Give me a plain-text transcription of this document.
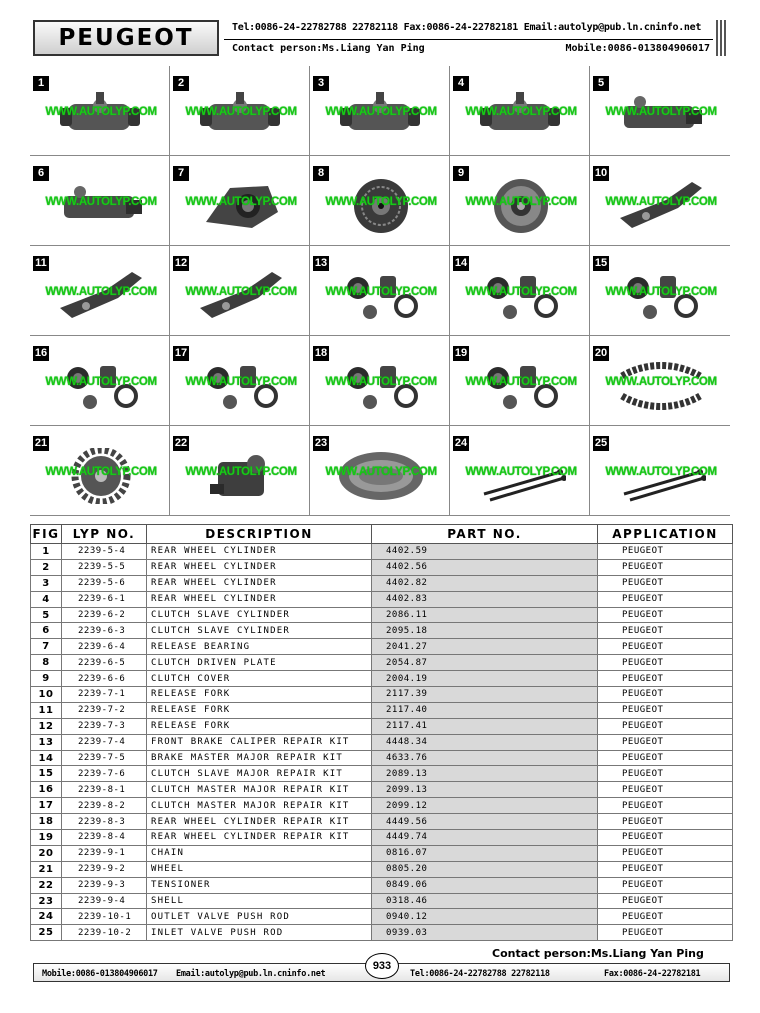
PEUGEOT	Tel:0086-24-22782788 22782118 Fax:0086-24-22782181 Email:autolyp@pub.ln.cninfo.net
Contact person:Ms.Liang Yan Ping	Mobile:0086-013804906017
1
WWW.AUTOLYP.COM
2
WWW.AUTOLYP.COM
3
WWW.AUTOLYP.COM
4
WWW.AUTOLYP.COM
5
WWW.AUTOLYP.COM
6
WWW.AUTOLYP.COM
7
WWW.AUTOLYP.COM
8
WWW.AUTOLYP.COM
9
WWW.AUTOLYP.COM
10
WWW.AUTOLYP.COM
11
WWW.AUTOLYP.COM
12
WWW.AUTOLYP.COM
13
WWW.AUTOLYP.COM
14
WWW.AUTOLYP.COM
15
WWW.AUTOLYP.COM
16
WWW.AUTOLYP.COM
17
WWW.AUTOLYP.COM
18
WWW.AUTOLYP.COM
19
WWW.AUTOLYP.COM
20
WWW.AUTOLYP.COM
21
WWW.AUTOLYP.COM
22
WWW.AUTOLYP.COM
23
WWW.AUTOLYP.COM
24
WWW.AUTOLYP.COM
25
WWW.AUTOLYP.COM
FIG	LYP NO.	DESCRIPTION	PART NO.	APPLICATION
1	2239-5-4	REAR WHEEL CYLINDER	4402.59	PEUGEOT
2	2239-5-5	REAR WHEEL CYLINDER	4402.56	PEUGEOT
3	2239-5-6	REAR WHEEL CYLINDER	4402.82	PEUGEOT
4	2239-6-1	REAR WHEEL CYLINDER	4402.83	PEUGEOT
5	2239-6-2	CLUTCH SLAVE CYLINDER	2086.11	PEUGEOT
6	2239-6-3	CLUTCH SLAVE CYLINDER	2095.18	PEUGEOT
7	2239-6-4	RELEASE BEARING	2041.27	PEUGEOT
8	2239-6-5	CLUTCH DRIVEN PLATE	2054.87	PEUGEOT
9	2239-6-6	CLUTCH COVER	2004.19	PEUGEOT
10	2239-7-1	RELEASE FORK	2117.39	PEUGEOT
11	2239-7-2	RELEASE FORK	2117.40	PEUGEOT
12	2239-7-3	RELEASE FORK	2117.41	PEUGEOT
13	2239-7-4	FRONT BRAKE CALIPER REPAIR KIT	4448.34	PEUGEOT
14	2239-7-5	BRAKE MASTER MAJOR REPAIR KIT	4633.76	PEUGEOT
15	2239-7-6	CLUTCH SLAVE MAJOR REPAIR KIT	2089.13	PEUGEOT
16	2239-8-1	CLUTCH MASTER MAJOR REPAIR KIT	2099.13	PEUGEOT
17	2239-8-2	CLUTCH MASTER MAJOR REPAIR KIT	2099.12	PEUGEOT
18	2239-8-3	REAR WHEEL CYLINDER REPAIR KIT	4449.56	PEUGEOT
19	2239-8-4	REAR WHEEL CYLINDER REPAIR KIT	4449.74	PEUGEOT
20	2239-9-1	CHAIN	0816.07	PEUGEOT
21	2239-9-2	WHEEL	0805.20	PEUGEOT
22	2239-9-3	TENSIONER	0849.06	PEUGEOT
23	2239-9-4	SHELL	0318.46	PEUGEOT
24	2239-10-1	OUTLET VALVE PUSH ROD	0940.12	PEUGEOT
25	2239-10-2	INLET VALVE PUSH ROD	0939.03	PEUGEOT
Contact person:Ms.Liang Yan Ping
Mobile:0086-013804906017 Email:autolyp@pub.ln.cninfo.net
933
Tel:0086-24-22782788 22782118	Fax:0086-24-22782181
